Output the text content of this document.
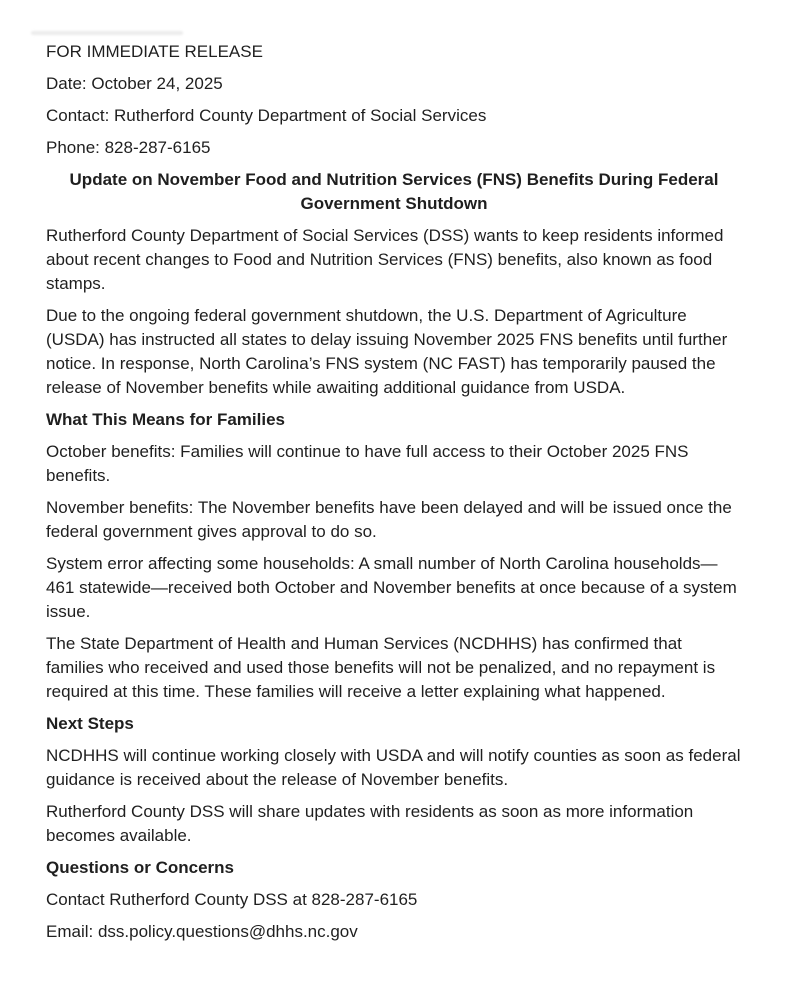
FOR IMMEDIATE RELEASE

Date: October 24, 2025

Contact: Rutherford County Department of Social Services

Phone: 828-287-6165

Update on November Food and Nutrition Services (FNS) Benefits During Federal Government Shutdown

Rutherford County Department of Social Services (DSS) wants to keep residents informed about recent changes to Food and Nutrition Services (FNS) benefits, also known as food stamps.

Due to the ongoing federal government shutdown, the U.S. Department of Agriculture (USDA) has instructed all states to delay issuing November 2025 FNS benefits until further notice. In response, North Carolina’s FNS system (NC FAST) has temporarily paused the release of November benefits while awaiting additional guidance from USDA.

What This Means for Families

October benefits: Families will continue to have full access to their October 2025 FNS benefits.

November benefits: The November benefits have been delayed and will be issued once the federal government gives approval to do so.

System error affecting some households: A small number of North Carolina households—461 statewide—received both October and November benefits at once because of a system issue.

The State Department of Health and Human Services (NCDHHS) has confirmed that families who received and used those benefits will not be penalized, and no repayment is required at this time. These families will receive a letter explaining what happened.

Next Steps

NCDHHS will continue working closely with USDA and will notify counties as soon as federal guidance is received about the release of November benefits.

Rutherford County DSS will share updates with residents as soon as more information becomes available.

Questions or Concerns

Contact Rutherford County DSS at 828-287-6165

Email: dss.policy.questions@dhhs.nc.gov
